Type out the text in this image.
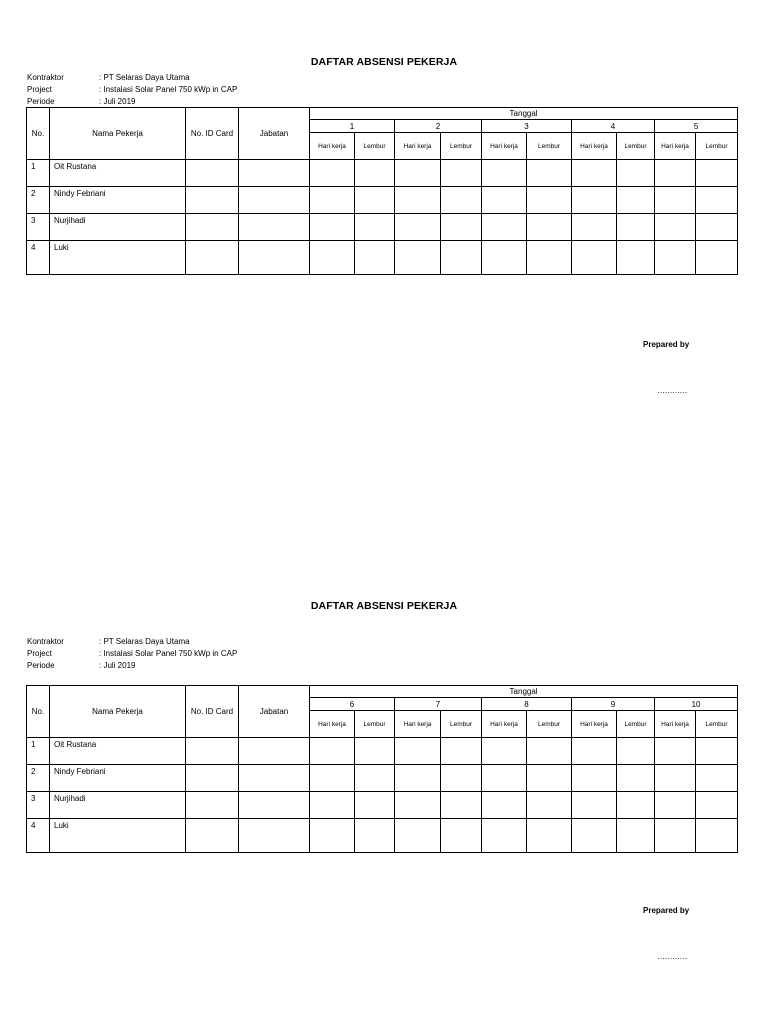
DAFTAR ABSENSI PEKERJA
Kontraktor	: PT Selaras Daya Utama
Project	: Instalasi Solar Panel 750 kWp in CAP
Periode	: Juli 2019
No.	Nama Pekerja	No. ID Card	Jabatan	Tanggal									
				1		2		3		4		5	
				Hari kerja	Lembur	Hari kerja	Lembur	Hari kerja	Lembur	Hari kerja	Lembur	Hari kerja	Lembur
1	Oit Rustana												
2	Nindy Febriani												
3	Nurjihadi												
4	Luki												
Prepared by
…………
DAFTAR ABSENSI PEKERJA
Kontraktor	: PT Selaras Daya Utama
Project	: Instalasi Solar Panel 750 kWp in CAP
Periode	: Juli 2019
No.	Nama Pekerja	No. ID Card	Jabatan	Tanggal									
				6		7		8		9		10	
				Hari kerja	Lembur	Hari kerja	Lembur	Hari kerja	Lembur	Hari kerja	Lembur	Hari kerja	Lembur
1	Oit Rustana												
2	Nindy Febriani												
3	Nurjihadi												
4	Luki												
Prepared by
…………
